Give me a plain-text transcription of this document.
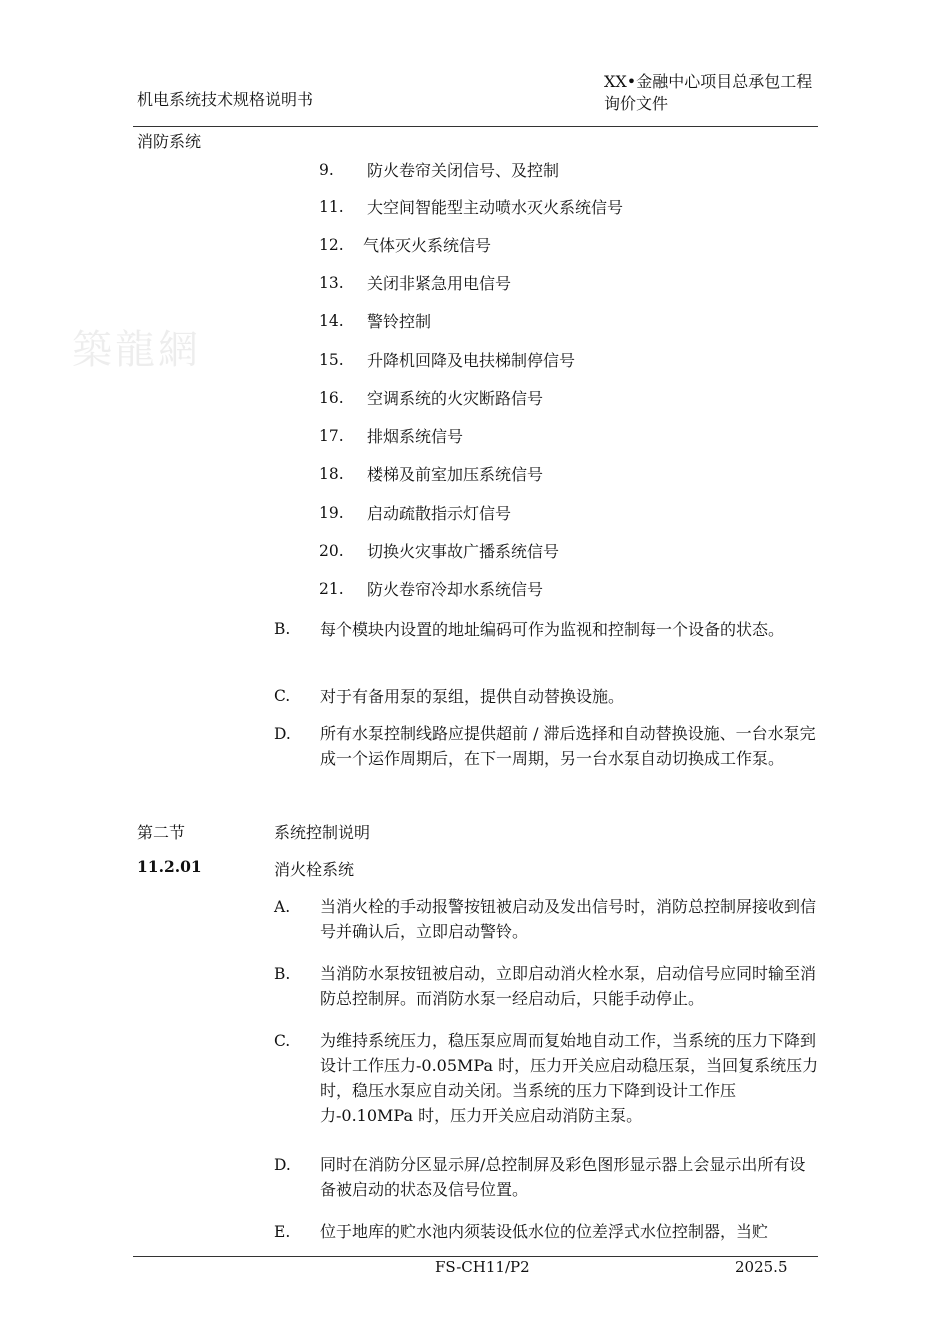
机电系统技术规格说明书
XX•金融中心项目总承包工程
询价文件
消防系统
築龍網
9. 防火卷帘关闭信号、及控制
11. 大空间智能型主动喷水灭火系统信号
12. 气体灭火系统信号
13. 关闭非紧急用电信号
14. 警铃控制
15. 升降机回降及电扶梯制停信号
16. 空调系统的火灾断路信号
17. 排烟系统信号
18. 楼梯及前室加压系统信号
19. 启动疏散指示灯信号
20. 切换火灾事故广播系统信号
21. 防火卷帘冷却水系统信号
B. 每个模块内设置的地址编码可作为监视和控制每一个设备的状态。
C. 对于有备用泵的泵组，提供自动替换设施。
D. 所有水泵控制线路应提供超前 / 滞后选择和自动替换设施、一台水泵完成一个运作周期后，在下一周期，另一台水泵自动切换成工作泵。
第二节	系统控制说明
11.2.01	消火栓系统
A. 当消火栓的手动报警按钮被启动及发出信号时，消防总控制屏接收到信号并确认后，立即启动警铃。
B. 当消防水泵按钮被启动，立即启动消火栓水泵，启动信号应同时输至消防总控制屏。而消防水泵一经启动后，只能手动停止。
C. 为维持系统压力，稳压泵应周而复始地自动工作，当系统的压力下降到设计工作压力-0.05MPa 时，压力开关应启动稳压泵，当回复系统压力时，稳压水泵应自动关闭。当系统的压力下降到设计工作压力-0.10MPa 时，压力开关应启动消防主泵。
D. 同时在消防分区显示屏/总控制屏及彩色图形显示器上会显示出所有设备被启动的状态及信号位置。
E. 位于地库的贮水池内须装设低水位的位差浮式水位控制器，当贮
FS-CH11/P2	2025.5
